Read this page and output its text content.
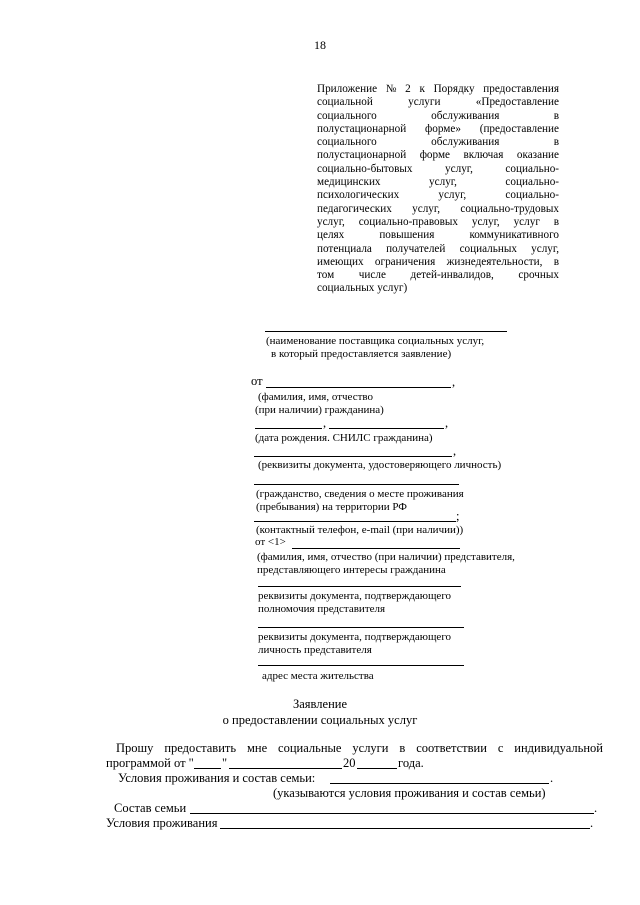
18
Приложение № 2 к Порядку предоставления
социальной	услуги	«Предоставление
социального	обслуживания	в
полустационарной форме» (предоставление
социального	обслуживания	в
полустационарной форме включая оказание
социально-бытовых	услуг,	социально-
медицинских	услуг,	социально-
психологических	услуг,	социально-
педагогических услуг, социально-трудовых
услуг, социально-правовых услуг, услуг в
целях	повышения	коммуникативного
потенциала получателей социальных услуг,
имеющих ограничения жизнедеятельности, в
том числе детей-инвалидов, срочных
социальных услуг)
(наименование поставщика социальных услуг,
в который предоставляется заявление)
от	,
(фамилия, имя, отчество
(при наличии) гражданина)
,	,
(дата рождения. СНИЛС гражданина)
,
(реквизиты документа, удостоверяющего личность)
(гражданство, сведения о месте проживания
(пребывания) на территории РФ
;
(контактный телефон, e-mail (при наличии))
от <1>
(фамилия, имя, отчество (при наличии) представителя,
представляющего интересы гражданина
реквизиты документа, подтверждающего
полномочия представителя
реквизиты документа, подтверждающего
личность представителя
адрес места жительства
Заявление
о предоставлении социальных услуг
Прошу предоставить мне социальные услуги в соответствии с индивидуальной
программой от " "	20	года.
Условия проживания и состав семьи:	.
(указываются условия проживания и состав семьи)
Состав семьи	.
Условия проживания	.
